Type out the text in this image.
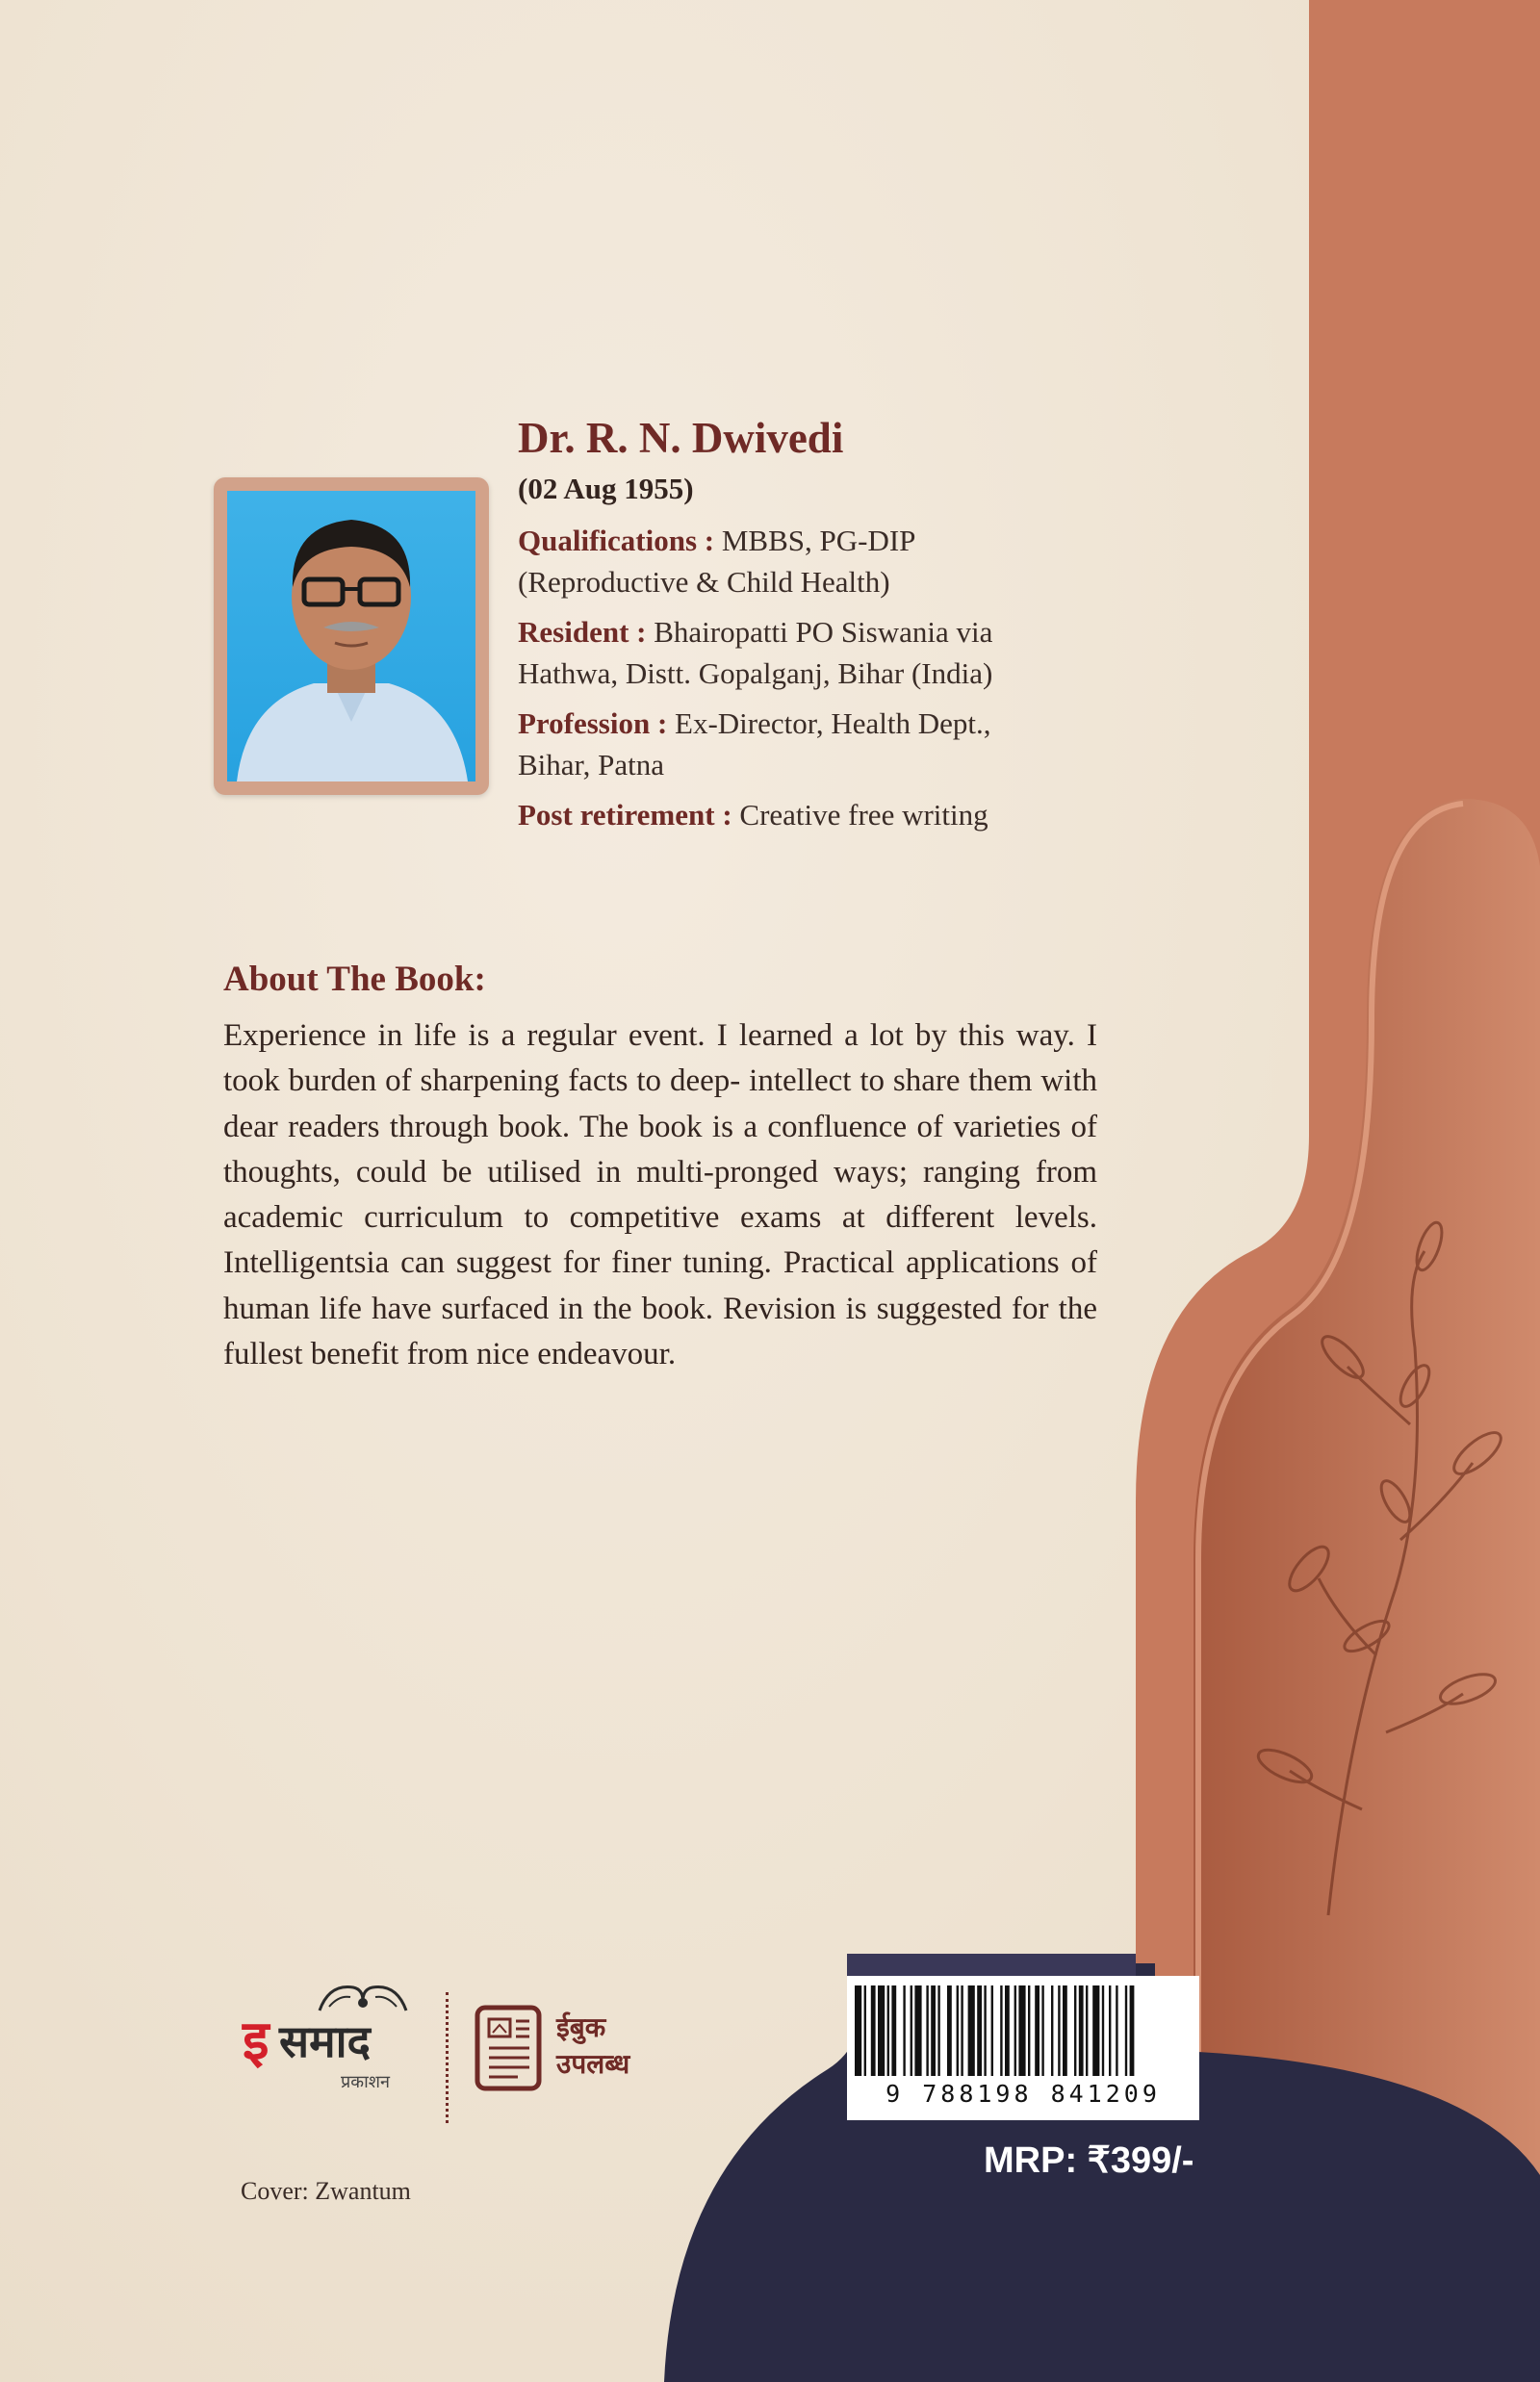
Dr. R. N. Dwivedi
(02 Aug 1955)
Qualifications : MBBS, PG-DIP
(Reproductive & Child Health)
Resident : Bhairopatti PO Siswania via
Hathwa, Distt. Gopalganj, Bihar (India)
Profession : Ex-Director, Health Dept.,
Bihar, Patna
Post retirement : Creative free writing
About The Book:
Experience in life is a regular event. I learned a lot by this way. I took burden of sharpening facts to deep- intellect to share them with dear readers through book. The book is a confluence of varieties of thoughts, could be utilised in multi-pronged ways; ranging from academic curriculum to competitive exams at different levels. Intelligentsia can suggest for finer tuning. Practical applications of human life have surfaced in the book. Revision is suggested for the fullest benefit from nice endeavour.
इ समाद
प्रकाशन
ईबुक
उपलब्ध
Cover: Zwantum
9 788198 841209
MRP: ₹399/-
